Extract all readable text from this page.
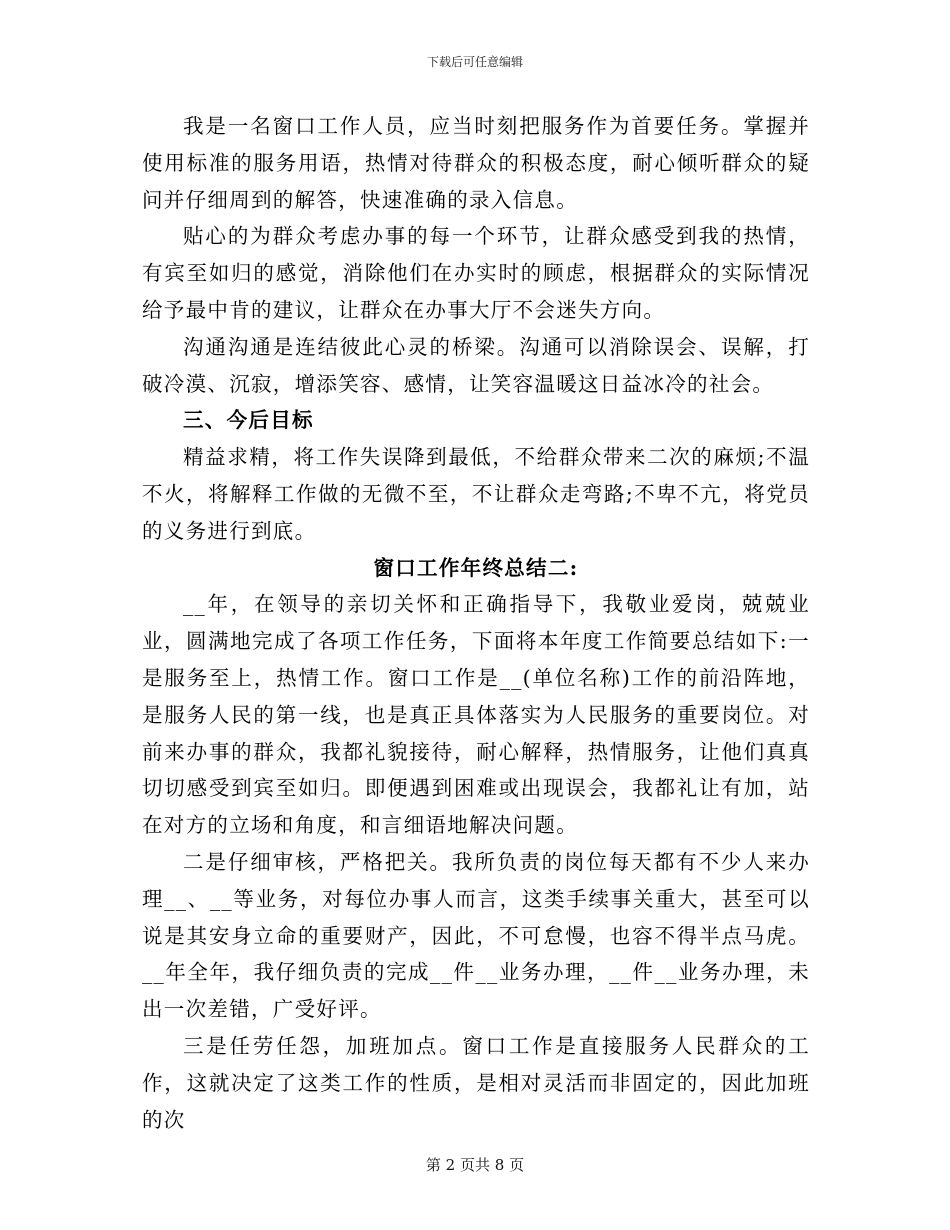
下载后可任意编辑

我是一名窗口工作人员，应当时刻把服务作为首要任务。掌握并使用标准的服务用语，热情对待群众的积极态度，耐心倾听群众的疑问并仔细周到的解答，快速准确的录入信息。

贴心的为群众考虑办事的每一个环节，让群众感受到我的热情，有宾至如归的感觉，消除他们在办实时的顾虑，根据群众的实际情况给予最中肯的建议，让群众在办事大厅不会迷失方向。

沟通沟通是连结彼此心灵的桥梁。沟通可以消除误会、误解，打破冷漠、沉寂，增添笑容、感情，让笑容温暖这日益冰冷的社会。

三、今后目标

精益求精，将工作失误降到最低，不给群众带来二次的麻烦;不温不火，将解释工作做的无微不至，不让群众走弯路;不卑不亢，将党员的义务进行到底。

窗口工作年终总结二:

__年，在领导的亲切关怀和正确指导下，我敬业爱岗，兢兢业业，圆满地完成了各项工作任务，下面将本年度工作简要总结如下:一是服务至上，热情工作。窗口工作是__(单位名称)工作的前沿阵地，是服务人民的第一线，也是真正具体落实为人民服务的重要岗位。对前来办事的群众，我都礼貌接待，耐心解释，热情服务，让他们真真切切感受到宾至如归。即便遇到困难或出现误会，我都礼让有加，站在对方的立场和角度，和言细语地解决问题。

二是仔细审核，严格把关。我所负责的岗位每天都有不少人来办理__、__等业务，对每位办事人而言，这类手续事关重大，甚至可以说是其安身立命的重要财产，因此，不可怠慢，也容不得半点马虎。__年全年，我仔细负责的完成__件__业务办理，__件__业务办理，未出一次差错，广受好评。

三是任劳任怨，加班加点。窗口工作是直接服务人民群众的工作，这就决定了这类工作的性质，是相对灵活而非固定的，因此加班的次

第 2 页共 8 页
